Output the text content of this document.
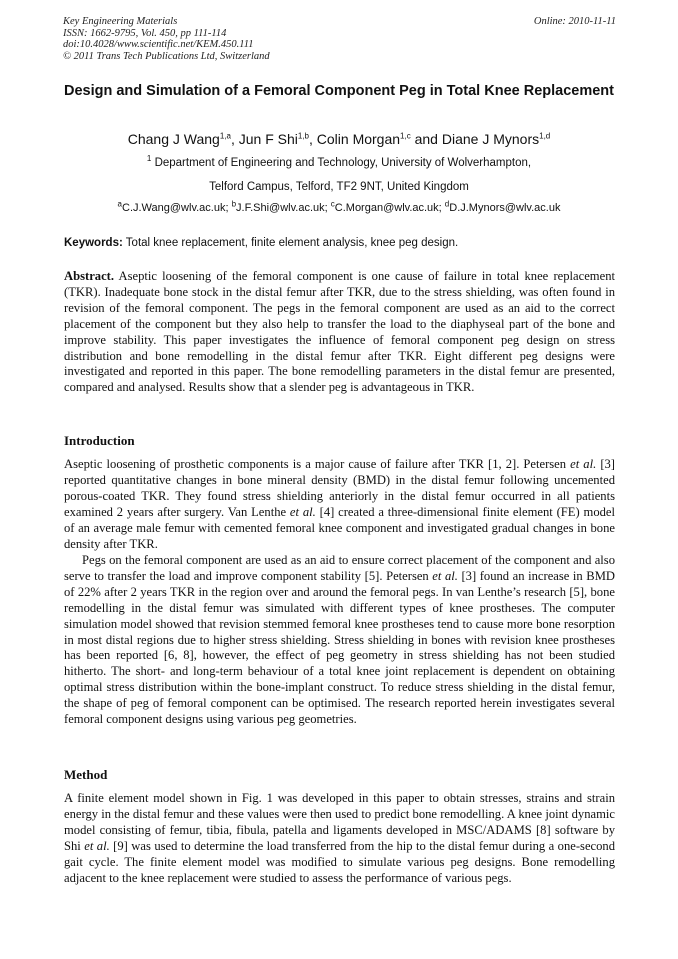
Key Engineering Materials
ISSN: 1662-9795, Vol. 450, pp 111-114
doi:10.4028/www.scientific.net/KEM.450.111
© 2011 Trans Tech Publications Ltd, Switzerland
Online: 2010-11-11
Design and Simulation of a Femoral Component Peg in Total Knee Replacement
Chang J Wang$^{1,a}$, Jun F Shi$^{1,b}$, Colin Morgan$^{1,c}$ and Diane J Mynors$^{1,d}$
$^1$ Department of Engineering and Technology, University of Wolverhampton,
Telford Campus, Telford, TF2 9NT, United Kingdom
$^a$C.J.Wang@wlv.ac.uk; $^b$J.F.Shi@wlv.ac.uk; $^c$C.Morgan@wlv.ac.uk; $^d$D.J.Mynors@wlv.ac.uk
Keywords: Total knee replacement, finite element analysis, knee peg design.
Abstract. Aseptic loosening of the femoral component is one cause of failure in total knee replacement (TKR). Inadequate bone stock in the distal femur after TKR, due to the stress shielding, was often found in revision of the femoral component. The pegs in the femoral component are used as an aid to the correct placement of the component but they also help to transfer the load to the diaphyseal part of the bone and improve stability. This paper investigates the influence of femoral component peg design on stress distribution and bone remodelling in the distal femur after TKR. Eight different peg designs were investigated and reported in this paper. The bone remodelling parameters in the distal femur are presented, compared and analysed. Results show that a slender peg is advantageous in TKR.
Introduction
Aseptic loosening of prosthetic components is a major cause of failure after TKR [1, 2]. Petersen et al. [3] reported quantitative changes in bone mineral density (BMD) in the distal femur following uncemented porous-coated TKR. They found stress shielding anteriorly in the distal femur occurred in all patients examined 2 years after surgery. Van Lenthe et al. [4] created a three-dimensional finite element (FE) model of an average male femur with cemented femoral knee component and investigated gradual changes in bone density after TKR.
Pegs on the femoral component are used as an aid to ensure correct placement of the component and also serve to transfer the load and improve component stability [5]. Petersen et al. [3] found an increase in BMD of 22% after 2 years TKR in the region over and around the femoral pegs. In van Lenthe’s research [5], bone remodelling in the distal femur was simulated with different types of knee prostheses. The computer simulation model showed that revision stemmed femoral knee prostheses tend to cause more bone resorption in most distal regions due to higher stress shielding. Stress shielding in bones with revision knee prostheses has been reported [6, 8], however, the effect of peg geometry in stress shielding has not been studied hitherto. The short- and long-term behaviour of a total knee joint replacement is dependent on obtaining optimal stress distribution within the bone-implant construct. To reduce stress shielding in the distal femur, the shape of peg of femoral component can be optimised. The research reported herein investigates several femoral component designs using various peg geometries.
Method
A finite element model shown in Fig. 1 was developed in this paper to obtain stresses, strains and strain energy in the distal femur and these values were then used to predict bone remodelling. A knee joint dynamic model consisting of femur, tibia, fibula, patella and ligaments developed in MSC/ADAMS [8] software by Shi et al. [9] was used to determine the load transferred from the hip to the distal femur during a one-second gait cycle. The finite element model was modified to simulate various peg designs. Bone remodelling adjacent to the knee replacement were studied to assess the performance of various pegs.
